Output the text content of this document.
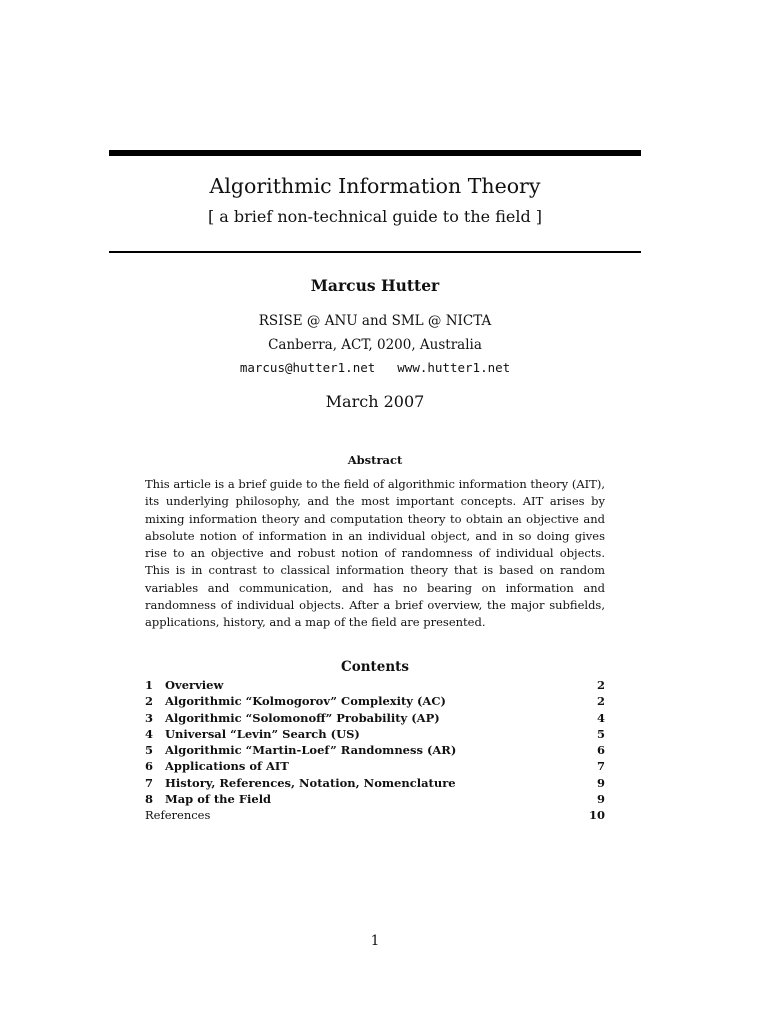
Algorithmic Information Theory
[ a brief non-technical guide to the field ]
Marcus Hutter
RSISE @ ANU and SML @ NICTA
Canberra, ACT, 0200, Australia
marcus@hutter1.net www.hutter1.net
March 2007
Abstract
This article is a brief guide to the field of algorithmic information theory (AIT), its underlying philosophy, and the most important concepts. AIT arises by mixing information theory and computation theory to obtain an objective and absolute notion of information in an individual object, and in so doing gives rise to an objective and robust notion of randomness of individual objects. This is in contrast to classical information theory that is based on random variables and communication, and has no bearing on information and randomness of individual objects. After a brief overview, the major subfields, applications, history, and a map of the field are presented.
Contents
1	Overview	2
2	Algorithmic “Kolmogorov” Complexity (AC)	2
3	Algorithmic “Solomonoff” Probability (AP)	4
4	Universal “Levin” Search (US)	5
5	Algorithmic “Martin-Loef” Randomness (AR)	6
6	Applications of AIT	7
7	History, References, Notation, Nomenclature	9
8	Map of the Field	9
References	10
1
